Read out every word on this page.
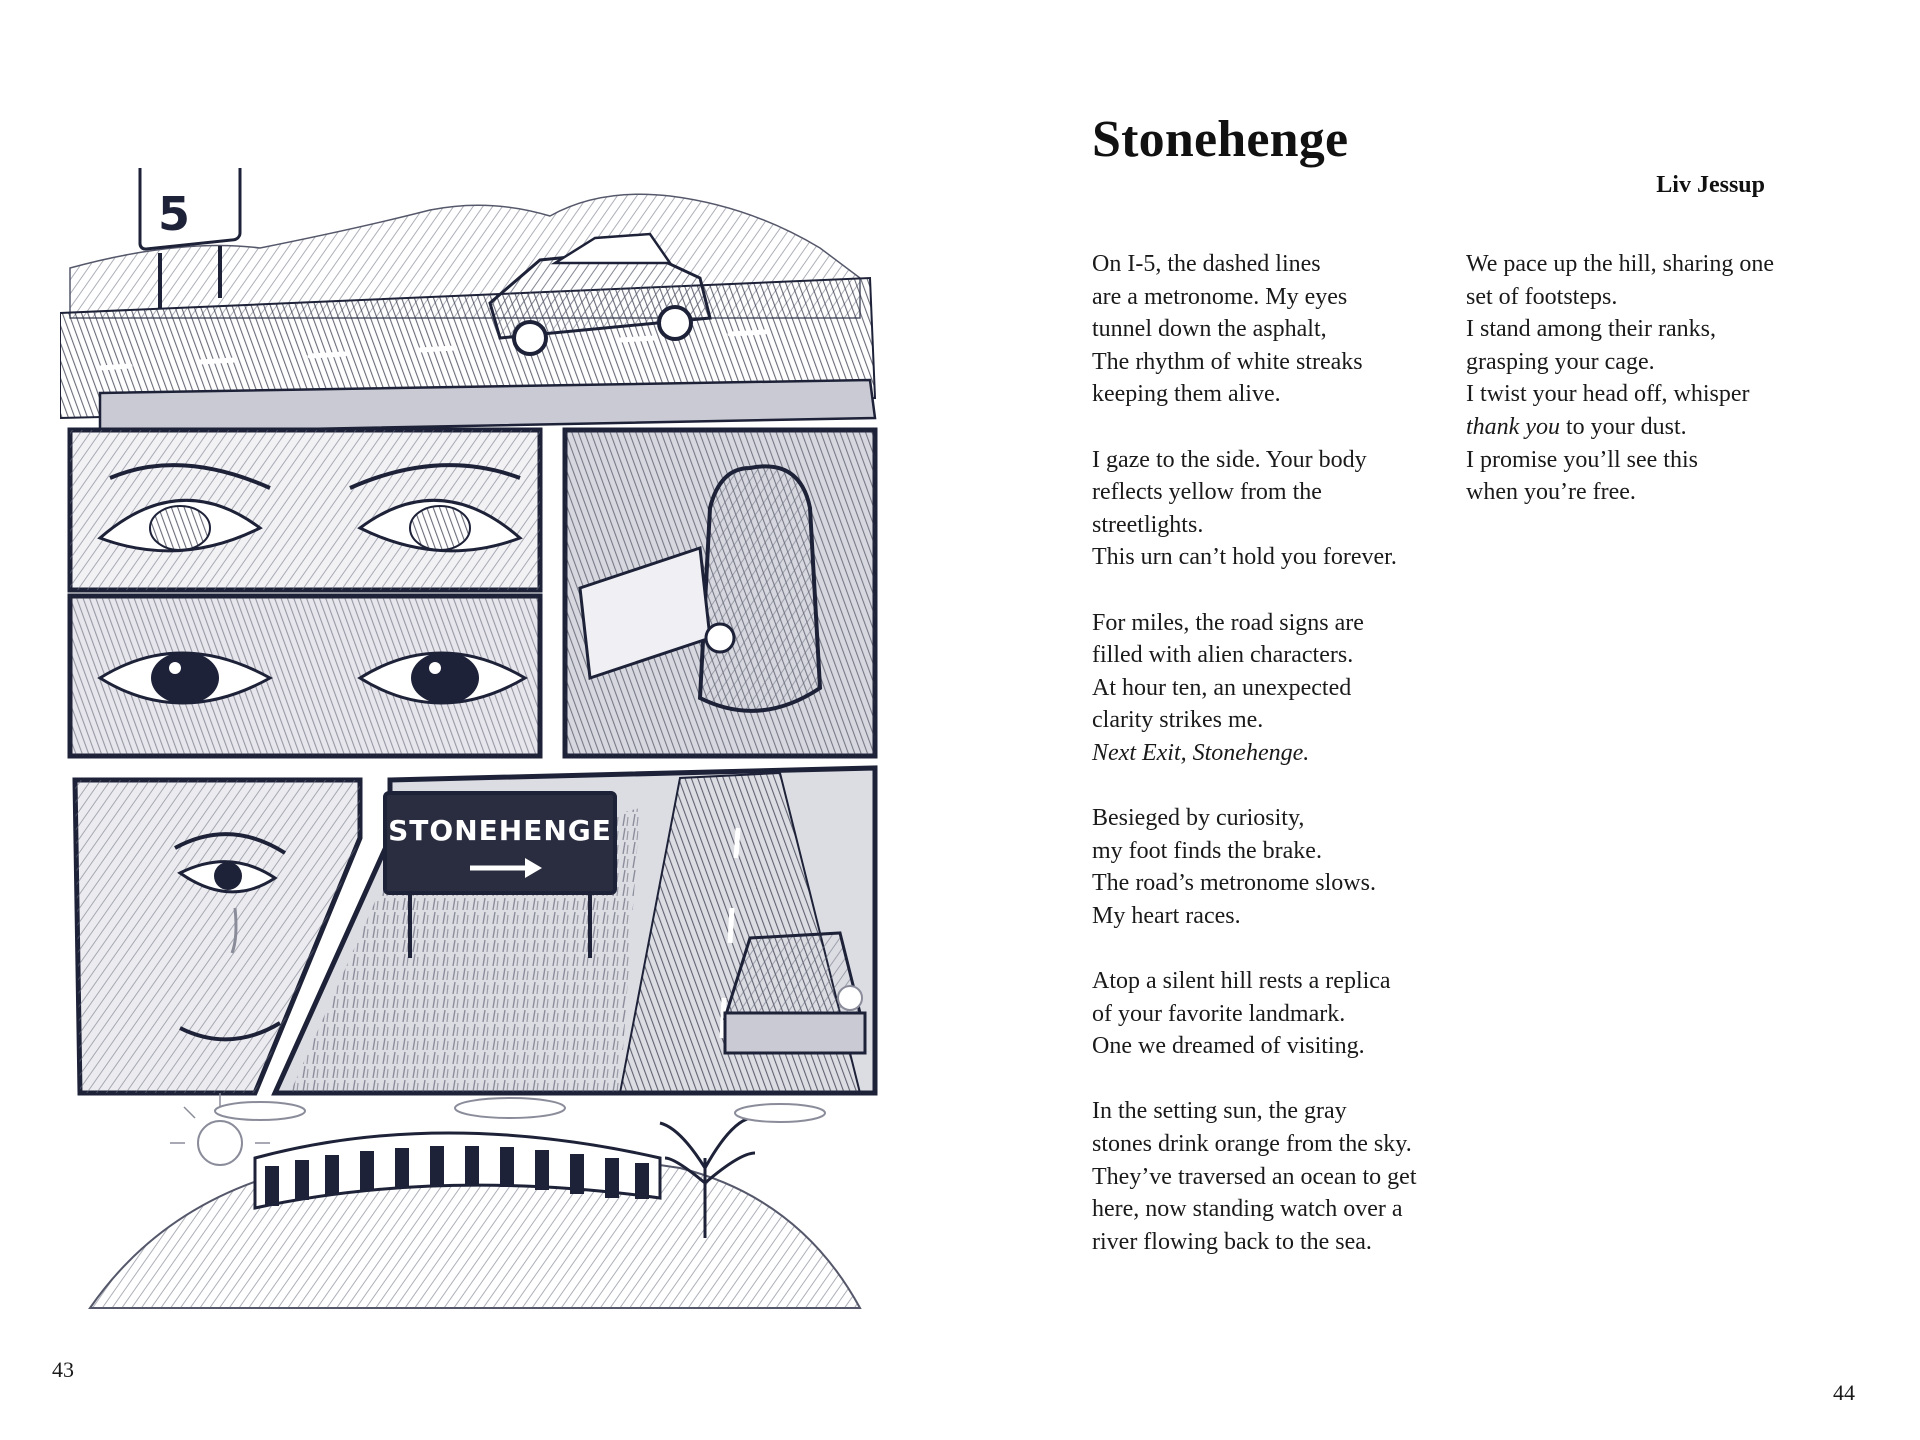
5
STONEHENGE
43
Stonehenge
Liv Jessup

On I-5, the dashed lines
are a metronome. My eyes
tunnel down the asphalt,
The rhythm of white streaks
keeping them alive.

I gaze to the side. Your body
reflects yellow from the
streetlights.
This urn can’t hold you forever.

For miles, the road signs are
filled with alien characters.
At hour ten, an unexpected
clarity strikes me.
Next Exit, Stonehenge.

Besieged by curiosity,
my foot finds the brake.
The road’s metronome slows.
My heart races.

Atop a silent hill rests a replica
of your favorite landmark.
One we dreamed of visiting.

In the setting sun, the gray
stones drink orange from the sky.
They’ve traversed an ocean to get
here, now standing watch over a
river flowing back to the sea.

We pace up the hill, sharing one
set of footsteps.
I stand among their ranks,
grasping your cage.
I twist your head off, whisper
thank you to your dust.
I promise you’ll see this
when you’re free.

44
